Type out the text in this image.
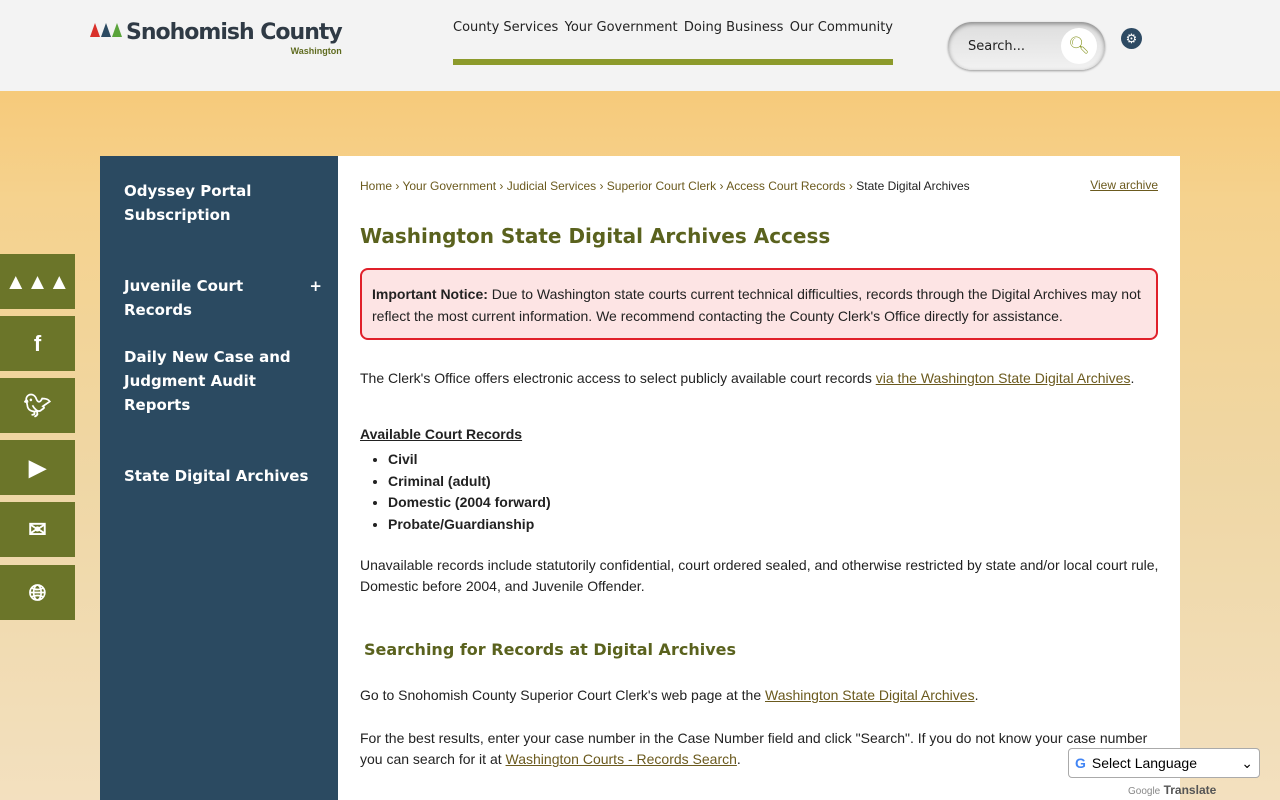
Snohomish County
Washington
County Services Your Government Doing Business Our Community
Search...	🔍︎	⚙
▲▲▲
f
🐦︎
▶
✉
🌐︎
Odyssey Portal Subscription
Juvenile Court Records
+
Daily New Case and Judgment Audit Reports
State Digital Archives
Home › Your Government › Judicial Services › Superior Court Clerk › Access Court Records › State Digital Archives	View archive
Washington State Digital Archives Access
Important Notice: Due to Washington state courts current technical difficulties, records through the Digital Archives may not reflect the most current information. We recommend contacting the County Clerk's Office directly for assistance.
The Clerk's Office offers electronic access to select publicly available court records via the Washington State Digital Archives.
Available Court Records
• Civil
• Criminal (adult)
• Domestic (2004 forward)
• Probate/Guardianship
Unavailable records include statutorily confidential, court ordered sealed, and otherwise restricted by state and/or local court rule, Domestic before 2004, and Juvenile Offender.
Searching for Records at Digital Archives
Go to Snohomish County Superior Court Clerk's web page at the Washington State Digital Archives.
For the best results, enter your case number in the Case Number field and click "Search". If you do not know your case number you can search for it at Washington Courts - Records Search.	G Select Language	⌄
Google Translate
